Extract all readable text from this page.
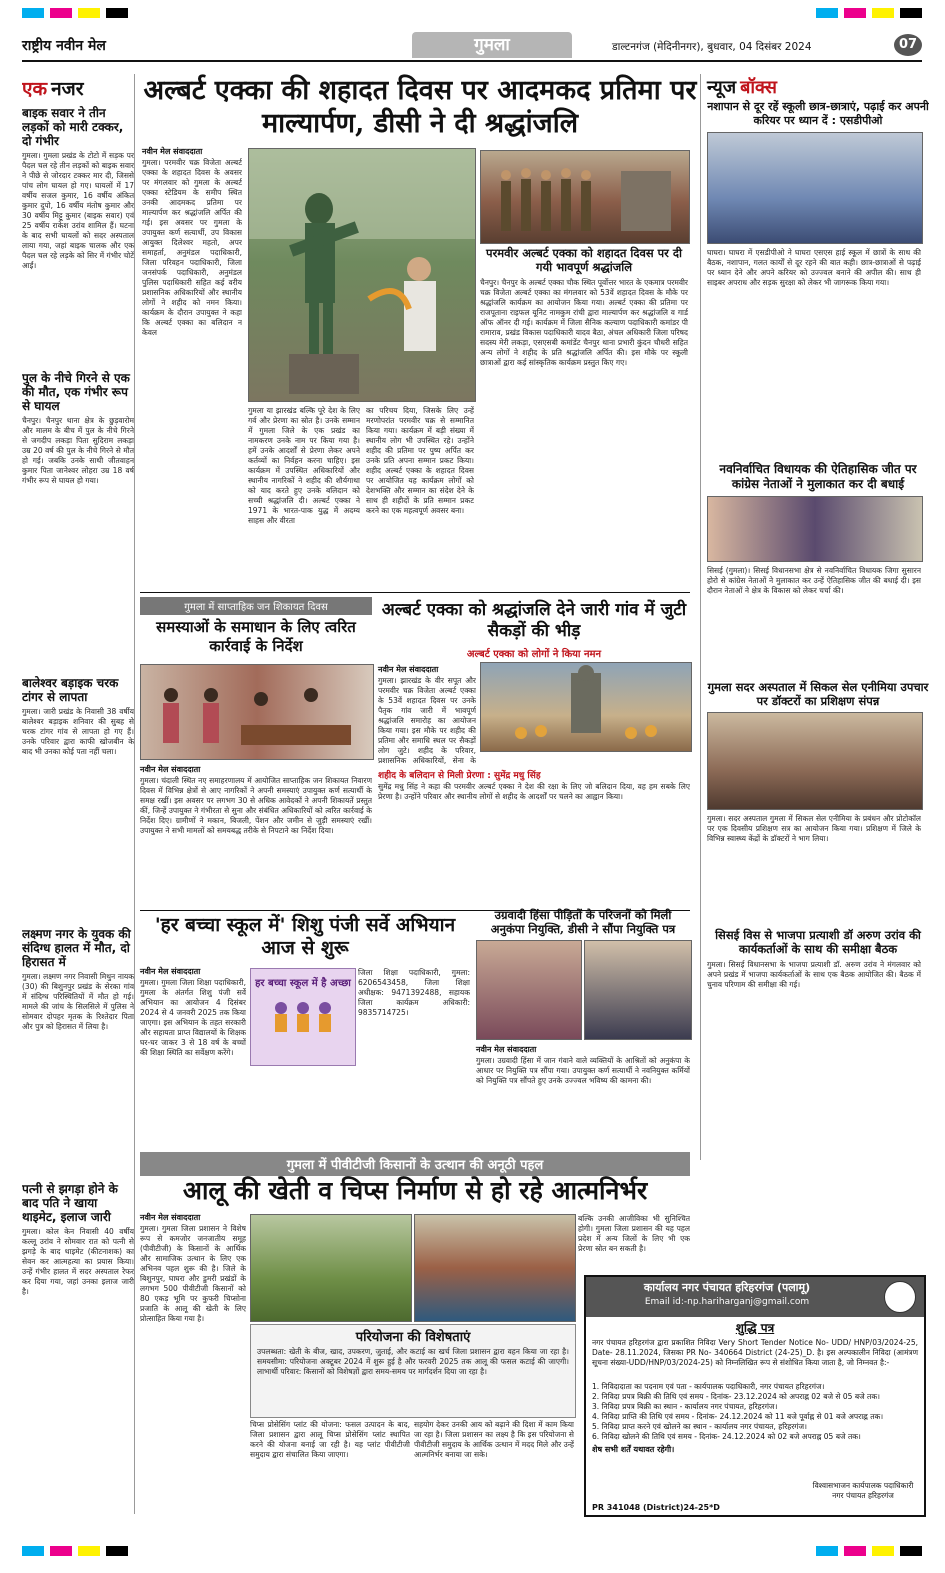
राष्ट्रीय नवीन मेल	गुमला	डाल्टनगंज (मेदिनीनगर), बुधवार, 04 दिसंबर 2024	07
एक नजर
बाइक सवार ने तीन लड़कों को मारी टक्कर, दो गंभीर
गुमला। गुमला प्रखंड के टोटो में सड़क पर पैदल चल रहे तीन लड़कों को बाइक सवार ने पीछे से जोरदार टक्कर मार दी, जिससे पांच लोग घायल हो गए। घायलों में 17 वर्षीय सजल कुमार, 16 वर्षीय अंकित कुमार दुपो, 16 वर्षीय मंतोष कुमार और 30 वर्षीय मिट्टू कुमार (बाइक सवार) एवं 25 वर्षीय राकेश उरांव शामिल हैं। घटना के बाद सभी घायलों को सदर अस्पताल लाया गया, जहां बाइक चालक और एक पैदल चल रहे लड़के को सिर में गंभीर चोटें आईं।
पुल के नीचे गिरने से एक की मौत, एक गंभीर रूप से घायल
चैनपुर। चैनपुर थाना क्षेत्र के छुड़वारोम और मालम के बीच में पुल के नीचे गिरने से जगदीप लकड़ा पिता सुदिराम लकड़ा उम्र 20 वर्ष की पुल के नीचे गिरने से मौत हो गई। जबकि उनके साथी जीतवाहन कुमार पिता जानेश्वर लोहरा उम्र 18 वर्ष गंभीर रूप से घायल हो गया।
बालेश्वर बड़ाइक चरक टांगर से लापता
गुमला। जारी प्रखंड के निवासी 38 वर्षीय बालेश्वर बड़ाइक शनिवार की सुबह से चरक टांगर गांव से लापता हो गए हैं। उनके परिवार द्वारा काफी खोजबीन के बाद भी उनका कोई पता नहीं चला।
लक्ष्मण नगर के युवक की संदिग्ध हालत में मौत, दो हिरासत में
गुमला। लक्ष्मण नगर निवासी मिथुन नायक (30) की बिशुनपुर प्रखंड के सेरका गांव में संदिग्ध परिस्थितियों में मौत हो गई। मामले की जांच के सिलसिले में पुलिस ने सोमवार दोपहर मृतक के रिश्तेदार पिता और पुत्र को हिरासत में लिया है।
पत्नी से झगड़ा होने के बाद पति ने खाया थाइमेट, इलाज जारी
गुमला। कोल केन निवासी 40 वर्षीय कल्लू उरांव ने सोमवार रात को पत्नी से झगड़े के बाद थाइमेट (कीटनाशक) का सेवन कर आत्महत्या का प्रयास किया। उन्हें गंभीर हालत में सदर अस्पताल रेफर कर दिया गया, जहां उनका इलाज जारी है।
अल्बर्ट एक्का की शहादत दिवस पर आदमकद प्रतिमा पर माल्यार्पण, डीसी ने दी श्रद्धांजलि
नवीन मेल संवाददाता
गुमला। परमवीर चक्र विजेता अल्बर्ट एक्का के शहादत दिवस के अवसर पर मंगलवार को गुमला के अल्बर्ट एक्का स्टेडियम के समीप स्थित उनकी आदमकद प्रतिमा पर माल्यार्पण कर श्रद्धांजलि अर्पित की गई। इस अवसर पर गुमला के उपायुक्त कर्ण सत्यार्थी, उप विकास आयुक्त दिलेश्वर महतो, अपर समाहर्ता, अनुमंडल पदाधिकारी, जिला परिवहन पदाधिकारी, जिला जनसंपर्क पदाधिकारी, अनुमंडल पुलिस पदाधिकारी सहित कई वरीय प्रशासनिक अधिकारियों और स्थानीय लोगों ने शहीद को नमन किया। कार्यक्रम के दौरान उपायुक्त ने कहा कि अल्बर्ट एक्का का बलिदान न केवल
गुमला या झारखंड बल्कि पूरे देश के लिए गर्व और प्रेरणा का स्रोत है। उनके सम्मान में गुमला जिले के एक प्रखंड का नामकरण उनके नाम पर किया गया है। हमें उनके आदर्शों से प्रेरणा लेकर अपने कर्तव्यों का निर्वहन करना चाहिए। इस कार्यक्रम में उपस्थित अधिकारियों और स्थानीय नागरिकों ने शहीद की शौर्यगाथा को याद करते हुए उनके बलिदान को सच्ची श्रद्धांजलि दी। अल्बर्ट एक्का ने 1971 के भारत-पाक युद्ध में अदम्य साहस और वीरता
का परिचय दिया, जिसके लिए उन्हें मरणोपरांत परमवीर चक्र से सम्मानित किया गया। कार्यक्रम में बड़ी संख्या में स्थानीय लोग भी उपस्थित रहे। उन्होंने शहीद की प्रतिमा पर पुष्प अर्पित कर उनके प्रति अपना सम्मान प्रकट किया। शहीद अल्बर्ट एक्का के शहादत दिवस पर आयोजित यह कार्यक्रम लोगों को देशभक्ति और सम्मान का संदेश देने के साथ ही शहीदों के प्रति सम्मान प्रकट करने का एक महत्वपूर्ण अवसर बना।
परमवीर अल्बर्ट एक्का को शहादत दिवस पर दी गयी भावपूर्ण श्रद्धांजलि
चैनपुर। चैनपुर के अल्बर्ट एक्का चौक स्थित पूर्वोत्तर भारत के एकमात्र परमवीर चक्र विजेता अल्बर्ट एक्का का मंगलवार को 53वें शहादत दिवस के मौके पर श्रद्धांजलि कार्यक्रम का आयोजन किया गया। अल्बर्ट एक्का की प्रतिमा पर राजपूताना राइफल यूनिट नामकुम रांची द्वारा माल्यार्पण कर श्रद्धांजलि व गार्ड ऑफ ऑनर दी गई। कार्यक्रम में जिला सैनिक कल्याण पदाधिकारी कमांडर पी रामाराव, प्रखंड विकास पदाधिकारी यादव बैठा, अंचल अधिकारी जिला परिषद सदस्य मेरी लकड़ा, एसएसबी कमांडेंट चैनपुर थाना प्रभारी कुंदन चौधरी सहित अन्य लोगों ने शहीद के प्रति श्रद्धांजलि अर्पित की। इस मौके पर स्कूली छात्राओं द्वारा कई सांस्कृतिक कार्यक्रम प्रस्तुत किए गए।
गुमला में साप्ताहिक जन शिकायत दिवस
समस्याओं के समाधान के लिए त्वरित कार्रवाई के निर्देश
नवीन मेल संवाददाता
गुमला। चंदाली स्थित नए समाहरणालय में आयोजित साप्ताहिक जन शिकायत निवारण दिवस में विभिन्न क्षेत्रों से आए नागरिकों ने अपनी समस्याएं उपायुक्त कर्ण सत्यार्थी के समक्ष रखीं। इस अवसर पर लगभग 30 से अधिक आवेदकों ने अपनी शिकायतें प्रस्तुत कीं, जिन्हें उपायुक्त ने गंभीरता से सुना और संबंधित अधिकारियों को त्वरित कार्रवाई के निर्देश दिए। ग्रामीणों ने मकान, बिजली, पेंशन और जमीन से जुड़ी समस्याएं रखीं। उपायुक्त ने सभी मामलों को समयबद्ध तरीके से निपटाने का निर्देश दिया।
अल्बर्ट एक्का को श्रद्धांजलि देने जारी गांव में जुटी सैकड़ों की भीड़
अल्बर्ट एक्का को लोगों ने किया नमन
नवीन मेल संवाददाता
गुमला। झारखंड के वीर सपूत और परमवीर चक्र विजेता अल्बर्ट एक्का के 53वें शहादत दिवस पर उनके पैतृक गांव जारी में भावपूर्ण श्रद्धांजलि समारोह का आयोजन किया गया। इस मौके पर शहीद की प्रतिमा और समाधि स्थल पर सैकड़ों लोग जुटे। शहीद के परिवार, प्रशासनिक अधिकारियों, सेना के
शहीद के बलिदान से मिली प्रेरणा : सुमेंद्र मधु सिंह
सुमेंद्र मधु सिंह ने कहा की परमवीर अल्बर्ट एक्का ने देश की रक्षा के लिए जो बलिदान दिया, वह हम सबके लिए प्रेरणा है। उन्होंने परिवार और स्थानीय लोगों से शहीद के आदर्शों पर चलने का आह्वान किया।
'हर बच्चा स्कूल में' शिशु पंजी सर्वे अभियान आज से शुरू
नवीन मेल संवाददाता
गुमला। गुमला जिला शिक्षा पदाधिकारी, गुमला के अंतर्गत शिशु पंजी सर्वे अभियान का आयोजन 4 दिसंबर 2024 से 4 जनवरी 2025 तक किया जाएगा। इस अभियान के तहत सरकारी और सहायता प्राप्त विद्यालयों के शिक्षक घर-घर जाकर 3 से 18 वर्ष के बच्चों की शिक्षा स्थिति का सर्वेक्षण करेंगे।
हर बच्चा स्कूल में है अच्छा
जिला शिक्षा पदाधिकारी, गुमला: 6206543458, जिला शिक्षा अधीक्षक: 9471392488, सहायक जिला कार्यक्रम अधिकारी: 9835714725।
उग्रवादी हिंसा पीड़ितों के परिजनों को मिली अनुकंपा नियुक्ति, डीसी ने सौंपा नियुक्ति पत्र
नवीन मेल संवाददाता
गुमला। उग्रवादी हिंसा में जान गंवाने वाले व्यक्तियों के आश्रितों को अनुकंपा के आधार पर नियुक्ति पत्र सौंपा गया। उपायुक्त कर्ण सत्यार्थी ने नवनियुक्त कर्मियों को नियुक्ति पत्र सौंपते हुए उनके उज्ज्वल भविष्य की कामना की।
गुमला में पीवीटीजी किसानों के उत्थान की अनूठी पहल
आलू की खेती व चिप्स निर्माण से हो रहे आत्मनिर्भर
नवीन मेल संवाददाता
गुमला। गुमला जिला प्रशासन ने विशेष रूप से कमजोर जनजातीय समूह (पीवीटीजी) के किसानों के आर्थिक और सामाजिक उत्थान के लिए एक अभिनव पहल शुरू की है। जिले के बिशुनपुर, घाघरा और डुमरी प्रखंडों के लगभग 500 पीवीटीजी किसानों को 80 एकड़ भूमि पर कुफरी चिप्सोना प्रजाति के आलू की खेती के लिए प्रोत्साहित किया गया है।
बल्कि उनकी आजीविका भी सुनिश्चित होगी। गुमला जिला प्रशासन की यह पहल प्रदेश में अन्य जिलों के लिए भी एक प्रेरणा स्रोत बन सकती है।
परियोजना की विशेषताएं
उपलब्धता: खेती के बीज, खाद, उपकरण, जुताई, और कटाई का खर्च जिला प्रशासन द्वारा वहन किया जा रहा है। समयसीमा: परियोजना अक्टूबर 2024 में शुरू हुई है और फरवरी 2025 तक आलू की फसल कटाई की जाएगी। लाभार्थी परिवार: किसानों को विशेषज्ञों द्वारा समय-समय पर मार्गदर्शन दिया जा रहा है।
चिप्स प्रोसेसिंग प्लांट की योजना: फसल उत्पादन के बाद, जिला प्रशासन द्वारा आलू चिप्स प्रोसेसिंग प्लांट स्थापित करने की योजना बनाई जा रही है। यह प्लांट पीवीटीजी समुदाय द्वारा संचालित किया जाएगा।
सहयोग देकर उनकी आय को बढ़ाने की दिशा में काम किया जा रहा है। जिला प्रशासन का लक्ष्य है कि इस परियोजना से पीवीटीजी समुदाय के आर्थिक उत्थान में मदद मिले और उन्हें आत्मनिर्भर बनाया जा सके।
न्यूज बॉक्स
नशापान से दूर रहें स्कूली छात्र-छात्राएं, पढ़ाई कर अपनी करियर पर ध्यान दें : एसडीपीओ
घाघरा। घाघरा में एसडीपीओ ने घाघरा एसएस हाई स्कूल में छात्रों के साथ की बैठक, नशापान, गलत कार्यों से दूर रहने की बात कही। छात्र-छात्राओं से पढ़ाई पर ध्यान देने और अपने करियर को उज्ज्वल बनाने की अपील की। साथ ही साइबर अपराध और सड़क सुरक्षा को लेकर भी जागरूक किया गया।
नवनिर्वाचित विधायक की ऐतिहासिक जीत पर कांग्रेस नेताओं ने मुलाकात कर दी बधाई
सिसई (गुमला)। सिसई विधानसभा क्षेत्र से नवनिर्वाचित विधायक जिगा सुसारन होरो से कांग्रेस नेताओं ने मुलाकात कर उन्हें ऐतिहासिक जीत की बधाई दी। इस दौरान नेताओं ने क्षेत्र के विकास को लेकर चर्चा की।
गुमला सदर अस्पताल में सिकल सेल एनीमिया उपचार पर डॉक्टरों का प्रशिक्षण संपन्न
गुमला। सदर अस्पताल गुमला में सिकल सेल एनीमिया के प्रबंधन और प्रोटोकॉल पर एक दिवसीय प्रशिक्षण सत्र का आयोजन किया गया। प्रशिक्षण में जिले के विभिन्न स्वास्थ्य केंद्रों के डॉक्टरों ने भाग लिया।
सिसई विस से भाजपा प्रत्याशी डॉ अरुण उरांव की कार्यकर्ताओं के साथ की समीक्षा बैठक
गुमला। सिसई विधानसभा के भाजपा प्रत्याशी डॉ. अरुण उरांव ने मंगलवार को अपने प्रखंड में भाजपा कार्यकर्ताओं के साथ एक बैठक आयोजित की। बैठक में चुनाव परिणाम की समीक्षा की गई।
कार्यालय नगर पंचायत हरिहरगंज (पलामू)
Email id:-np.hariharganj@gmail.com
शुद्धि पत्र
नगर पंचायत हरिहरगंज द्वारा प्रकाशित निविदा Very Short Tender Notice No- UDD/ HNP/03/2024-25, Date- 28.11.2024, जिसका PR No- 340664 District (24-25)_D. है। इस अल्पकालीन निविदा (आमंत्रण सूचना संख्या-UDD/HNP/03/2024-25) को निम्नलिखित रूप से संशोधित किया जाता है, जो निम्नवत है:-
1. निविदादाता का पदनाम एवं पता - कार्यपालक पदाधिकारी, नगर पंचायत हरिहरगंज।
2. निविदा प्रपत्र बिक्री की तिथि एवं समय - दिनांक- 23.12.2024 को अपराह्न 02 बजे से 05 बजे तक।
3. निविदा प्रपत्र बिक्री का स्थान - कार्यालय नगर पंचायत, हरिहरगंज।
4. निविदा प्राप्ति की तिथि एवं समय - दिनांक- 24.12.2024 को 11 बजे पूर्वाह्न से 01 बजे अपराह्न तक।
5. निविदा प्राप्त करने एवं खोलने का स्थान - कार्यालय नगर पंचायत, हरिहरगंज।
6. निविदा खोलने की तिथि एवं समय - दिनांक- 24.12.2024 को 02 बजे अपराह्न 05 बजे तक।
शेष सभी शर्तें यथावत रहेगी।
विश्वासभाजन कार्यपालक पदाधिकारी नगर पंचायत हरिहरगंज
PR 341048 (District)24-25*D
